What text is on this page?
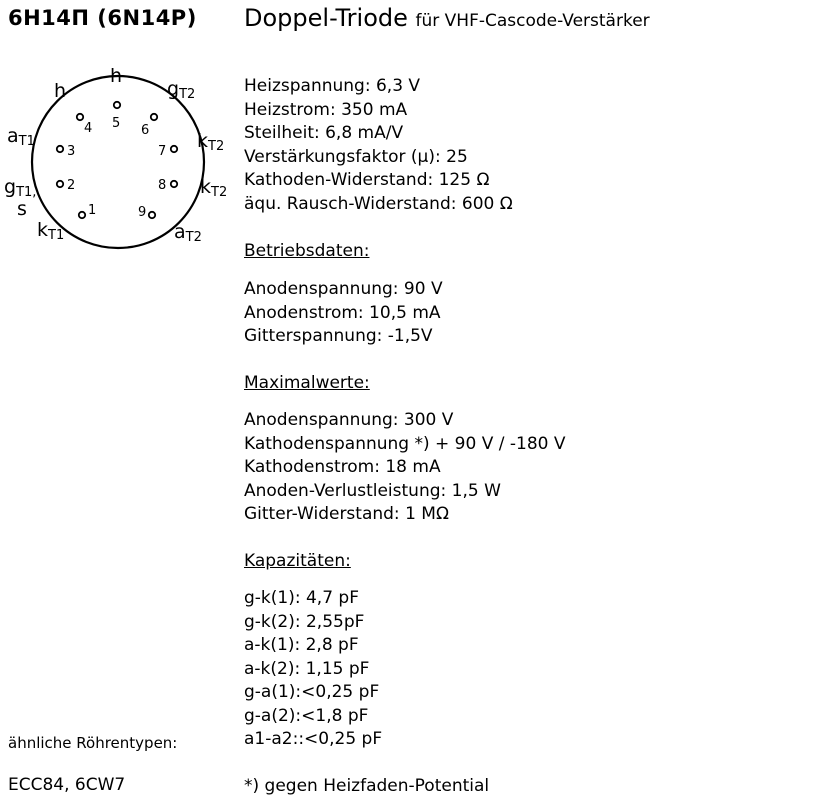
6H14П (6N14P) Doppel-Triode für VHF-Cascode-Verstärker
5 6
7
8
9
1
2
3
4
h
h	gT2
kT2
kT2
aT2
kT1
gT1,
s
aT1
Heizspannung: 6,3 V
Heizstrom: 350 mA
Steilheit: 6,8 mA/V
Verstärkungsfaktor (µ): 25
Kathoden-Widerstand: 125 Ω
äqu. Rausch-Widerstand: 600 Ω
Betriebsdaten:
Anodenspannung: 90 V
Anodenstrom: 10,5 mA
Gitterspannung: -1,5V
Maximalwerte:
Anodenspannung: 300 V
Kathodenspannung *) + 90 V / -180 V
Kathodenstrom: 18 mA
Anoden-Verlustleistung: 1,5 W
Gitter-Widerstand: 1 MΩ
Kapazitäten:
g-k(1): 4,7 pF
g-k(2): 2,55pF
a-k(1): 2,8 pF
a-k(2): 1,15 pF
g-a(1):<0,25 pF
g-a(2):<1,8 pF
a1-a2::<0,25 pF
ähnliche Röhrentypen:
ECC84, 6CW7	*) gegen Heizfaden-Potential
